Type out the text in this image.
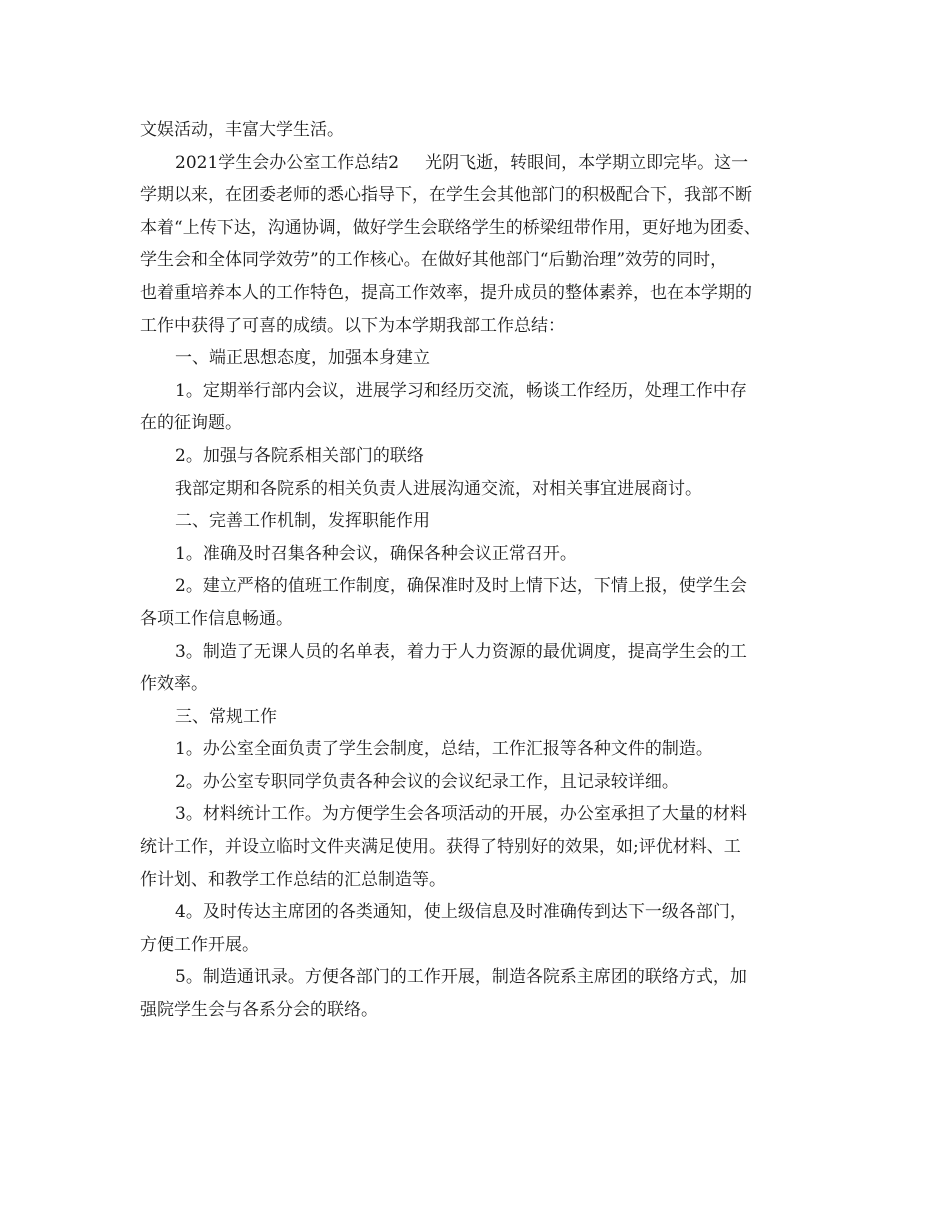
文娱活动，丰富大学生活。

2021学生会办公室工作总结2 光阴飞逝，转眼间，本学期立即完毕。这一

学期以来，在团委老师的悉心指导下，在学生会其他部门的积极配合下，我部不断

本着“上传下达，沟通协调，做好学生会联络学生的桥梁纽带作用，更好地为团委、

学生会和全体同学效劳”的工作核心。在做好其他部门“后勤治理”效劳的同时，

也着重培养本人的工作特色，提高工作效率，提升成员的整体素养，也在本学期的

工作中获得了可喜的成绩。以下为本学期我部工作总结：

一、端正思想态度，加强本身建立

1。定期举行部内会议，进展学习和经历交流，畅谈工作经历，处理工作中存

在的征询题。

2。加强与各院系相关部门的联络

我部定期和各院系的相关负责人进展沟通交流，对相关事宜进展商讨。

二、完善工作机制，发挥职能作用

1。准确及时召集各种会议，确保各种会议正常召开。

2。建立严格的值班工作制度，确保准时及时上情下达，下情上报，使学生会

各项工作信息畅通。

3。制造了无课人员的名单表，着力于人力资源的最优调度，提高学生会的工

作效率。

三、常规工作

1。办公室全面负责了学生会制度，总结，工作汇报等各种文件的制造。

2。办公室专职同学负责各种会议的会议纪录工作，且记录较详细。

3。材料统计工作。为方便学生会各项活动的开展，办公室承担了大量的材料

统计工作，并设立临时文件夹满足使用。获得了特别好的效果，如;评优材料、工

作计划、和教学工作总结的汇总制造等。

4。及时传达主席团的各类通知，使上级信息及时准确传到达下一级各部门，

方便工作开展。

5。制造通讯录。方便各部门的工作开展，制造各院系主席团的联络方式，加

强院学生会与各系分会的联络。
